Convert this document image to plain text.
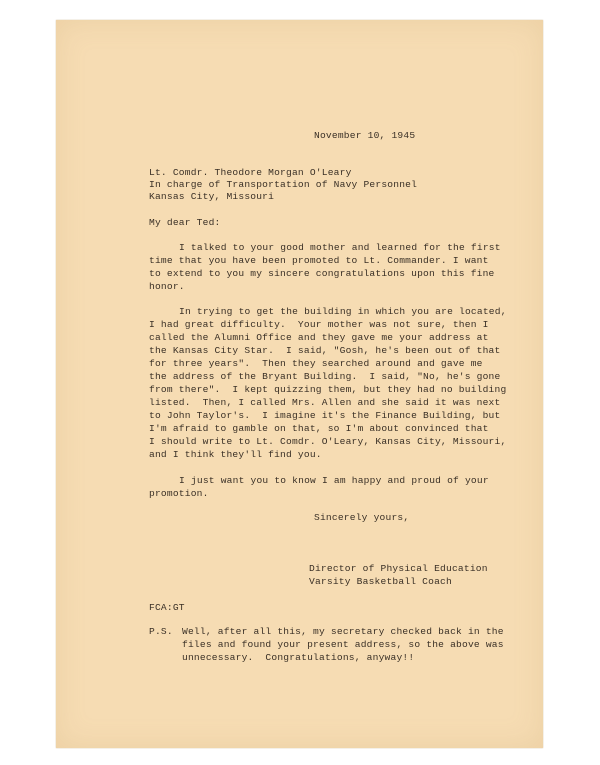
November 10, 1945
Lt. Comdr. Theodore Morgan O'Leary
In charge of Transportation of Navy Personnel
Kansas City, Missouri
My dear Ted:
I talked to your good mother and learned for the first
time that you have been promoted to Lt. Commander. I want
to extend to you my sincere congratulations upon this fine
honor.
In trying to get the building in which you are located,
I had great difficulty.  Your mother was not sure, then I
called the Alumni Office and they gave me your address at
the Kansas City Star.  I said, "Gosh, he's been out of that
for three years".  Then they searched around and gave me
the address of the Bryant Building.  I said, "No, he's gone
from there".  I kept quizzing them, but they had no building
listed.  Then, I called Mrs. Allen and she said it was next
to John Taylor's.  I imagine it's the Finance Building, but
I'm afraid to gamble on that, so I'm about convinced that
I should write to Lt. Comdr. O'Leary, Kansas City, Missouri,
and I think they'll find you.
I just want you to know I am happy and proud of your
promotion.
Sincerely yours,
Director of Physical Education
Varsity Basketball Coach
FCA:GT
P.S. Well, after all this, my secretary checked back in the
files and found your present address, so the above was
unnecessary.  Congratulations, anyway!!
